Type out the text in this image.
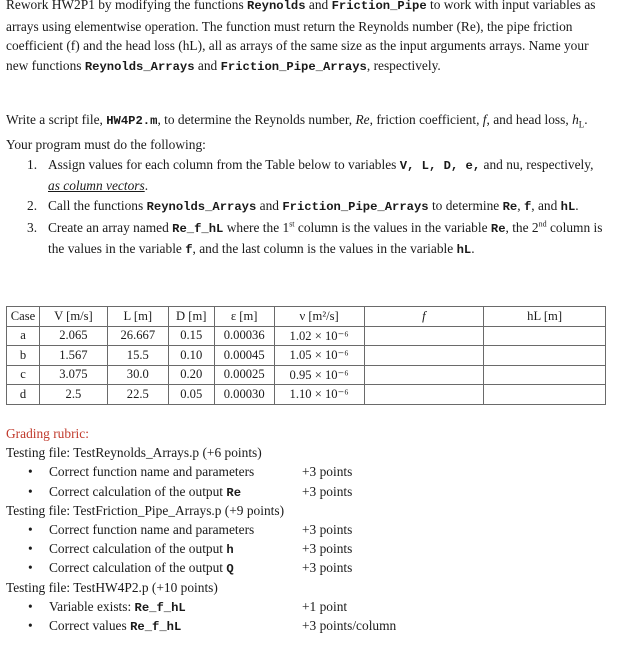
Rework HW2P1 by modifying the functions Reynolds and Friction_Pipe to work with input variables as arrays using elementwise operation. The function must return the Reynolds number (Re), the pipe friction coefficient (f) and the head loss (hL), all as arrays of the same size as the input arguments arrays. Name your new functions Reynolds_Arrays and Friction_Pipe_Arrays, respectively.
Write a script file, HW4P2.m, to determine the Reynolds number, Re, friction coefficient, f, and head loss, $h_L$. Your program must do the following:
1. Assign values for each column from the Table below to variables V, L, D, e, and nu, respectively, as column vectors.
2. Call the functions Reynolds_Arrays and Friction_Pipe_Arrays to determine Re, f, and hL.
3. Create an array named Re_f_hL where the 1st column is the values in the variable Re, the 2nd column is the values in the variable f, and the last column is the values in the variable hL.
Case	V [m/s]	L [m]	D [m]	ε [m]	ν [m²/s]	f	hL [m]
a	2.065	26.667	0.15	0.00036	1.02 × 10⁻⁶		
b	1.567	15.5	0.10	0.00045	1.05 × 10⁻⁶		
c	3.075	30.0	0.20	0.00025	0.95 × 10⁻⁶		
d	2.5	22.5	0.05	0.00030	1.10 × 10⁻⁶		
Grading rubric:
Testing file: TestReynolds_Arrays.p (+6 points)
• Correct function name and parameters	+3 points
• Correct calculation of the output Re	+3 points
Testing file: TestFriction_Pipe_Arrays.p (+9 points)
• Correct function name and parameters	+3 points
• Correct calculation of the output h	+3 points
• Correct calculation of the output Q	+3 points
Testing file: TestHW4P2.p (+10 points)
• Variable exists: Re_f_hL	+1 point
• Correct values Re_f_hL	+3 points/column
